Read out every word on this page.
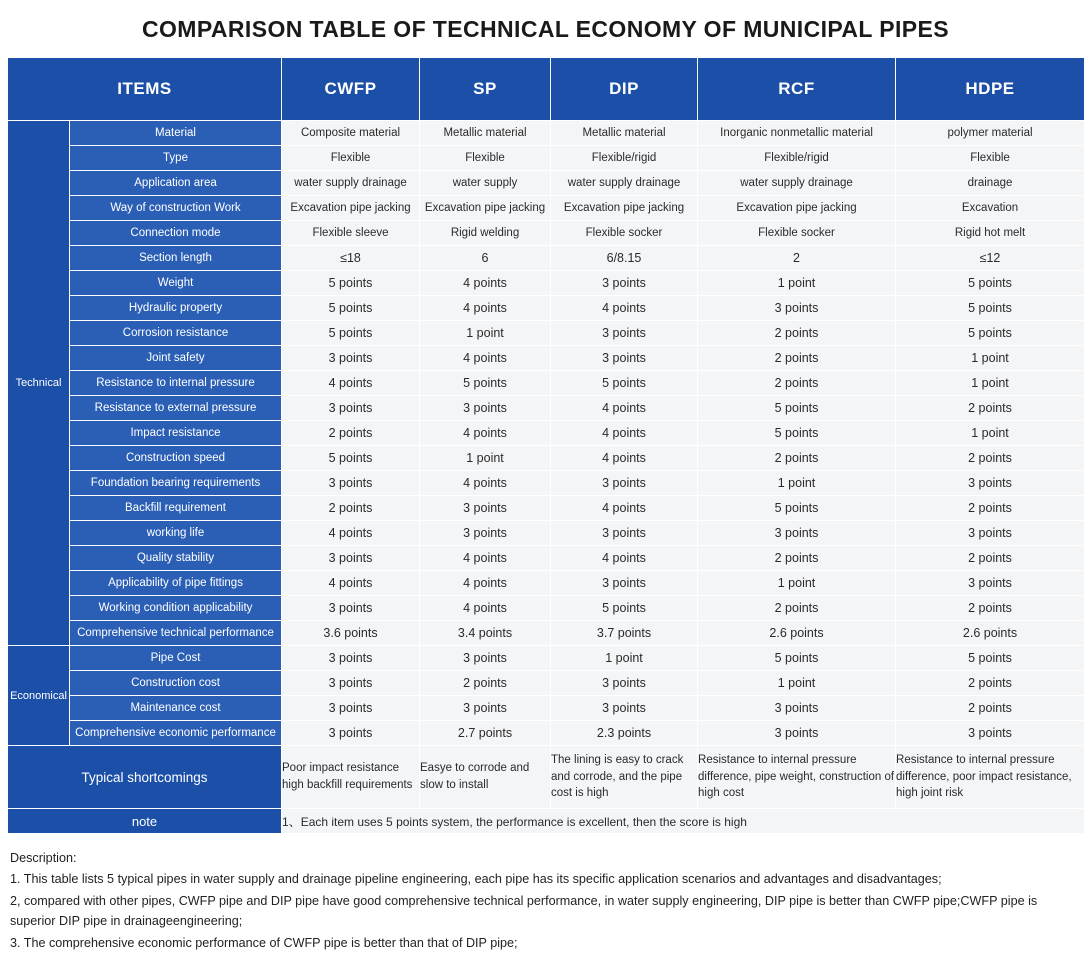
COMPARISON TABLE OF TECHNICAL ECONOMY OF MUNICIPAL PIPES
ITEMS		CWFP	SP	DIP	RCF	HDPE
Technical	Material	Composite material	Metallic material	Metallic material	Inorganic nonmetallic material	polymer material
	Type	Flexible	Flexible	Flexible/rigid	Flexible/rigid	Flexible
	Application area	water supply drainage	water supply	water supply drainage	water supply drainage	drainage
	Way of construction Work	Excavation pipe jacking	Excavation pipe jacking	Excavation pipe jacking	Excavation pipe jacking	Excavation
	Connection mode	Flexible sleeve	Rigid welding	Flexible socker	Flexible socker	Rigid hot melt
	Section length	≤18	6	6/8.15	2	≤12
	Weight	5 points	4 points	3 points	1 point	5 points
	Hydraulic property	5 points	4 points	4 points	3 points	5 points
	Corrosion resistance	5 points	1 point	3 points	2 points	5 points
	Joint safety	3 points	4 points	3 points	2 points	1 point
	Resistance to internal pressure	4 points	5 points	5 points	2 points	1 point
	Resistance to external pressure	3 points	3 points	4 points	5 points	2 points
	Impact resistance	2 points	4 points	4 points	5 points	1 point
	Construction speed	5 points	1 point	4 points	2 points	2 points
	Foundation bearing requirements	3 points	4 points	3 points	1 point	3 points
	Backfill requirement	2 points	3 points	4 points	5 points	2 points
	working life	4 points	3 points	3 points	3 points	3 points
	Quality stability	3 points	4 points	4 points	2 points	2 points
	Applicability of pipe fittings	4 points	4 points	3 points	1 point	3 points
	Working condition applicability	3 points	4 points	5 points	2 points	2 points
	Comprehensive technical performance	3.6 points	3.4 points	3.7 points	2.6 points	2.6 points
Economical	Pipe Cost	3 points	3 points	1 point	5 points	5 points
	Construction cost	3 points	2 points	3 points	1 point	2 points
	Maintenance cost	3 points	3 points	3 points	3 points	2 points
	Comprehensive economic performance	3 points	2.7 points	2.3 points	3 points	3 points
Typical shortcomings		Poor impact resistance high backfill requirements	Easye to corrode and slow to install	The lining is easy to crack and corrode, and the pipe cost is high	Resistance to internal pressure difference, pipe weight, construction of high cost	Resistance to internal pressure difference, poor impact resistance, high joint risk
note		1、Each item uses 5 points system, the performance is excellent, then the score is high				
Description:
1. This table lists 5 typical pipes in water supply and drainage pipeline engineering, each pipe has its specific application scenarios and advantages and disadvantages;
2, compared with other pipes, CWFP pipe and DIP pipe have good comprehensive technical performance, in water supply engineering, DIP pipe is better than CWFP pipe;CWFP pipe is superior DIP pipe in drainageengineering;
3. The comprehensive economic performance of CWFP pipe is better than that of DIP pipe;
